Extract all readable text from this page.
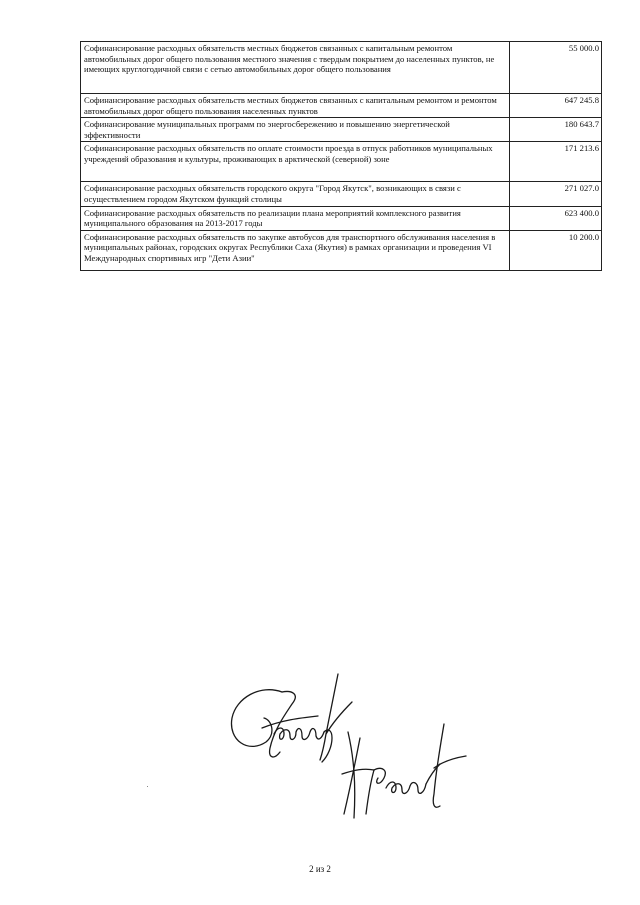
Софинансирование расходных обязательств местных бюджетов связанных с капитальным ремонтом автомобильных дорог общего пользования местного значения с твердым покрытием до населенных пунктов, не имеющих круглогодичной связи с сетью автомобильных дорог общего пользования	55 000.0
Софинансирование расходных обязательств местных бюджетов связанных с капитальным ремонтом и ремонтом автомобильных дорог общего пользования населенных пунктов	647 245.8
Софинансирование муниципальных программ по энергосбережению и повышению энергетической эффективности	180 643.7
Софинансирование расходных обязательств по оплате стоимости проезда в отпуск работников муниципальных учреждений образования и культуры, проживающих в арктической (северной) зоне	171 213.6
Софинансирование расходных обязательств городского округа "Город Якутск", возникающих в связи с осуществлением городом Якутском функций столицы	271 027.0
Софинансирование расходных обязательств по реализации плана мероприятий комплексного развития муниципального образования на 2013-2017 годы	623 400.0
Софинансирование расходных обязательств по закупке автобусов для транспортного обслуживания населения в муниципальных районах, городских округах Республики Саха (Якутия) в рамках организации и проведения VI Международных спортивных игр "Дети Азии"	10 200.0
2 из 2
